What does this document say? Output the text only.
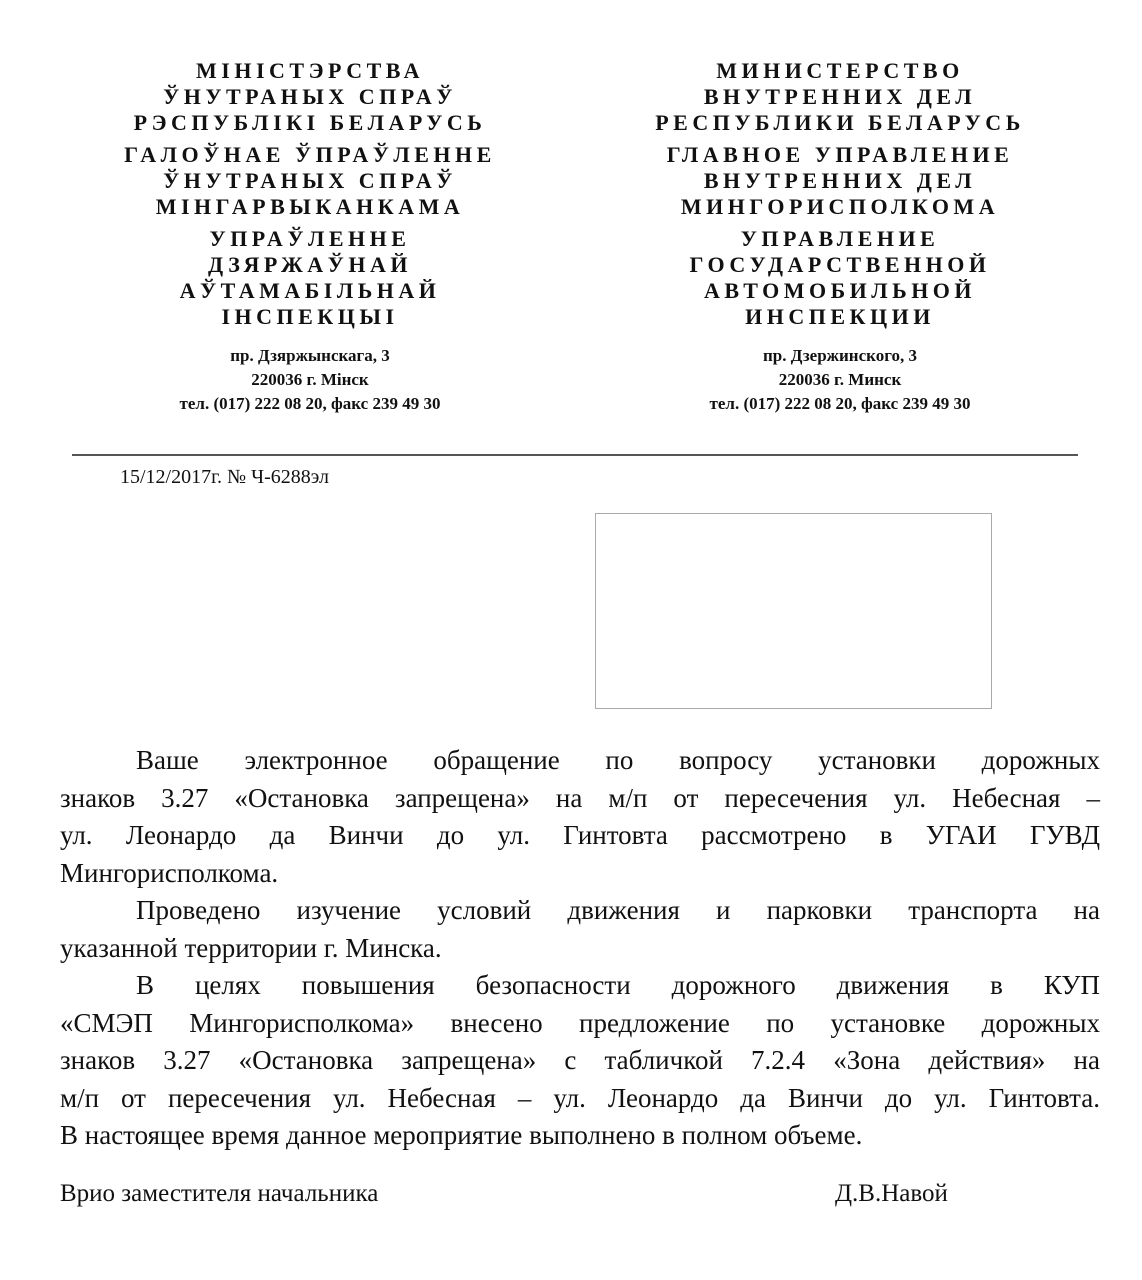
МІНІСТЭРСТВА
ЎНУТРАНЫХ СПРАЎ
РЭСПУБЛІКІ БЕЛАРУСЬ
ГАЛОЎНАЕ ЎПРАЎЛЕННЕ
ЎНУТРАНЫХ СПРАЎ
МІНГАРВЫКАНКАМА
УПРАЎЛЕННЕ
ДЗЯРЖАЎНАЙ
АЎТАМАБІЛЬНАЙ
ІНСПЕКЦЫІ
пр. Дзяржынскага, 3
220036 г. Мінск
тел. (017) 222 08 20, факс 239 49 30
МИНИСТЕРСТВО
ВНУТРЕННИХ ДЕЛ
РЕСПУБЛИКИ БЕЛАРУСЬ
ГЛАВНОЕ УПРАВЛЕНИЕ
ВНУТРЕННИХ ДЕЛ
МИНГОРИСПОЛКОМА
УПРАВЛЕНИЕ
ГОСУДАРСТВЕННОЙ
АВТОМОБИЛЬНОЙ
ИНСПЕКЦИИ
пр. Дзержинского, 3
220036 г. Минск
тел. (017) 222 08 20, факс 239 49 30
15/12/2017г. № Ч-6288эл

Ваше электронное обращение по вопросу установки дорожных
знаков 3.27 «Остановка запрещена» на м/п от пересечения ул. Небесная –
ул. Леонардо да Винчи до ул. Гинтовта рассмотрено в УГАИ ГУВД
Мингорисполкома.

Проведено изучение условий движения и парковки транспорта на
указанной территории г. Минска.

В целях повышения безопасности дорожного движения в КУП
«СМЭП Мингорисполкома» внесено предложение по установке дорожных
знаков 3.27 «Остановка запрещена» с табличкой 7.2.4 «Зона действия» на
м/п от пересечения ул. Небесная – ул. Леонардо да Винчи до ул. Гинтовта.
В настоящее время данное мероприятие выполнено в полном объеме.

Врио заместителя начальника	Д.В.Навой
